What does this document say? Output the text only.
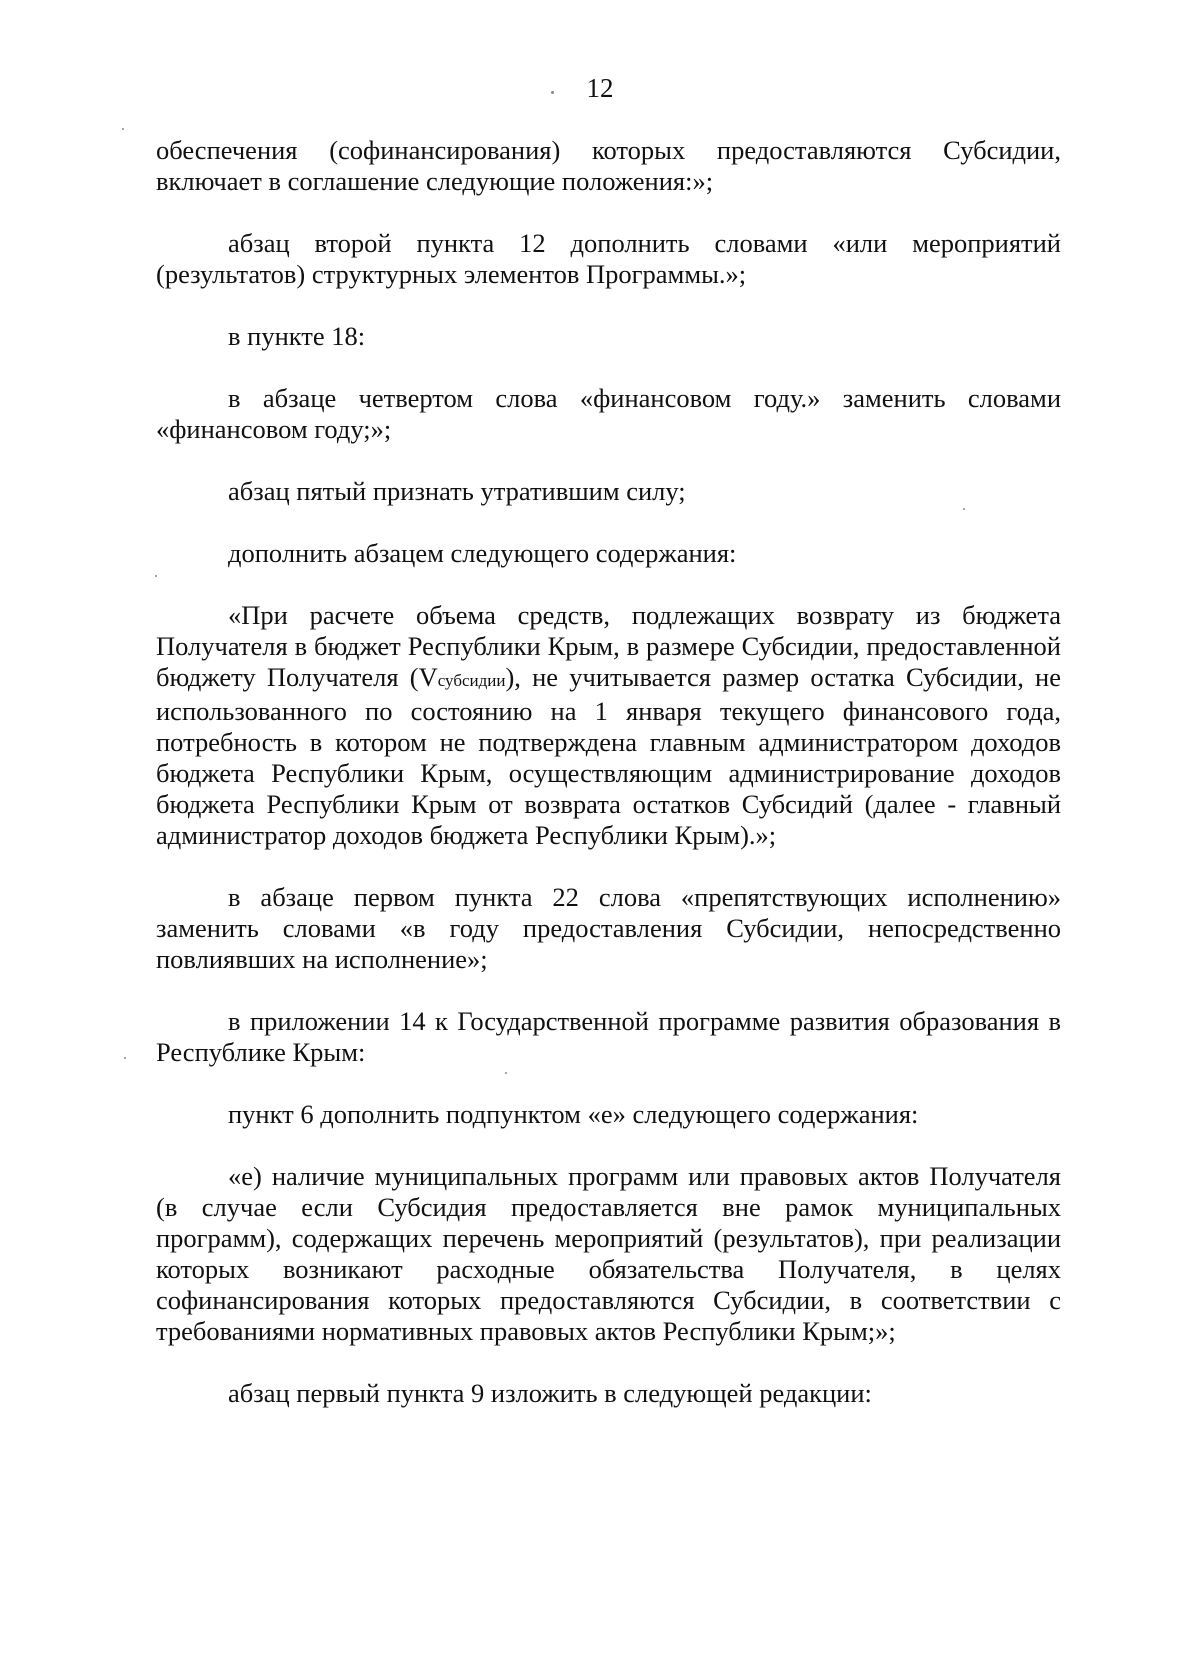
12

обеспечения (софинансирования) которых предоставляются Субсидии, включает в соглашение следующие положения:»;

абзац второй пункта 12 дополнить словами «или мероприятий (результатов) структурных элементов Программы.»;

в пункте 18:

в абзаце четвертом слова «финансовом году.» заменить словами «финансовом году;»;

абзац пятый признать утратившим силу;

дополнить абзацем следующего содержания:

«При расчете объема средств, подлежащих возврату из бюджета Получателя в бюджет Республики Крым, в размере Субсидии, предоставленной бюджету Получателя (Vсубсидии), не учитывается размер остатка Субсидии, не использованного по состоянию на 1 января текущего финансового года, потребность в котором не подтверждена главным администратором доходов бюджета Республики Крым, осуществляющим администрирование доходов бюджета Республики Крым от возврата остатков Субсидий (далее - главный администратор доходов бюджета Республики Крым).»;

в абзаце первом пункта 22 слова «препятствующих исполнению» заменить словами «в году предоставления Субсидии, непосредственно повлиявших на исполнение»;

в приложении 14 к Государственной программе развития образования в Республике Крым:

пункт 6 дополнить подпунктом «е» следующего содержания:

«е) наличие муниципальных программ или правовых актов Получателя (в случае если Субсидия предоставляется вне рамок муниципальных программ), содержащих перечень мероприятий (результатов), при реализации которых возникают расходные обязательства Получателя, в целях софинансирования которых предоставляются Субсидии, в соответствии с требованиями нормативных правовых актов Республики Крым;»;

абзац первый пункта 9 изложить в следующей редакции:
